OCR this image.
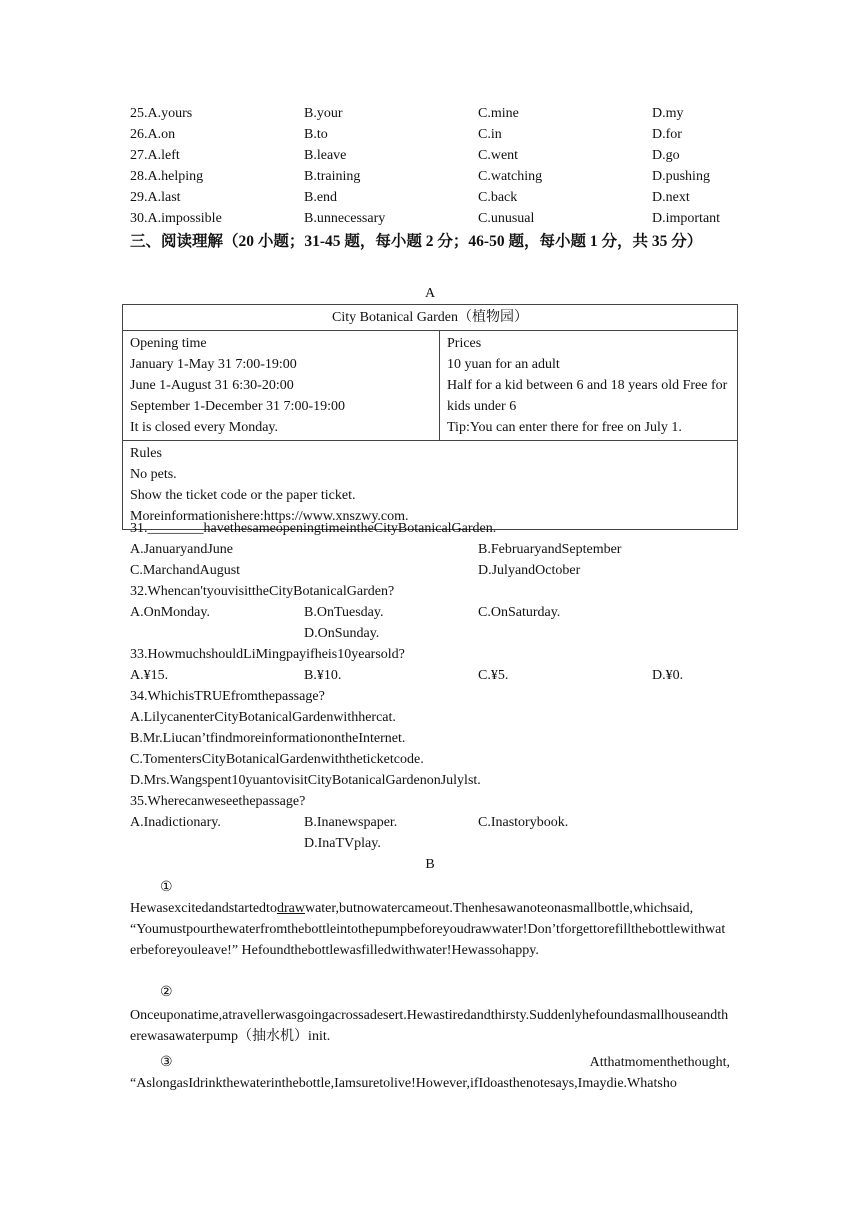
25.A.yours	B.your	C.mine	D.my
26.A.on	B.to	C.in	D.for
27.A.left	B.leave	C.went	D.go
28.A.helping	B.training	C.watching	D.pushing
29.A.last	B.end	C.back	D.next
30.A.impossible	B.unnecessary	C.unusual	D.important
三、阅读理解（20 小题；31-45 题，每小题 2 分；46-50 题，每小题 1 分，共 35 分）
A
City Botanical Garden（植物园）

Opening time
January 1-May 31 7:00-19:00
June 1-August 31 6:30-20:00
September 1-December 31 7:00-19:00
It is closed every Monday.

Prices
10 yuan for an adult
Half for a kid between 6 and 18 years old Free for kids under 6
Tip:You can enter there for free on July 1.

Rules
No pets.
Show the ticket code or the paper ticket.
Moreinformationishere:https://www.xnszwy.com.
31.________havethesameopeningtimeintheCityBotanicalGarden.
A.JanuaryandJune	B.FebruaryandSeptember
C.MarchandAugust	D.JulyandOctober
32.Whencan'tyouvisittheCityBotanicalGarden?
A.OnMonday.	B.OnTuesday.	C.OnSaturday.
D.OnSunday.
33.HowmuchshouldLiMingpayifheis10yearsold?
A.¥15.	B.¥10.	C.¥5.	D.¥0.
34.WhichisTRUEfromthepassage?
A.LilycanenterCityBotanicalGardenwithhercat.
B.Mr.Liucan’tfindmoreinformationontheInternet.
C.TomentersCityBotanicalGardenwiththeticketcode.
D.Mrs.Wangspent10yuantovisitCityBotanicalGardenonJulylst.
35.Wherecanweseethepassage?
A.Inadictionary.	B.Inanewspaper.	C.Inastorybook.
D.InaTVplay.
B
①
Hewasexcitedandstartedtodrawwater,butnowatercameout.Thenhesawanoteonasmallbottle,whichsaid,
“Youmustpourthewaterfromthebottleintothepumpbeforeyoudrawwater!Don’tforgettorefillthebottlewithwaterbeforeyouleave!” Hefoundthebottlewasfilledwithwater!Hewassohappy.
②
Onceuponatime,atravellerwasgoingacrossadesert.Hewastiredandthirsty.Suddenlyhefoundasmallhouseandtherewasawaterpump（抽水机）init.
③	Atthatmomenthethought,
“AslongasIdrinkthewaterinthebottle,Iamsuretolive!However,ifIdoasthenotesays,Imaydie.Whatsho
